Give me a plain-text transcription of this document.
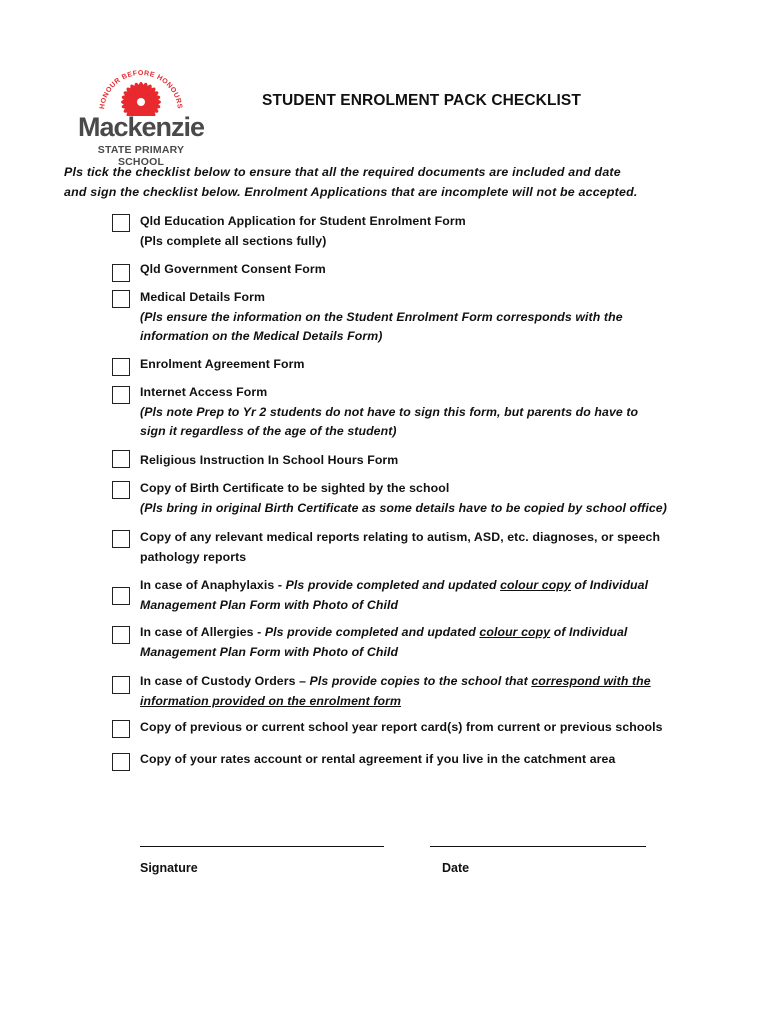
HONOUR BEFORE HONOURS
Mackenzie
STATE PRIMARY SCHOOL
STUDENT ENROLMENT PACK CHECKLIST
Pls tick the checklist below to ensure that all the required documents are included and date
and sign the checklist below. Enrolment Applications that are incomplete will not be accepted.
Qld Education Application for Student Enrolment Form
(Pls complete all sections fully)
Qld Government Consent Form
Medical Details Form
(Pls ensure the information on the Student Enrolment Form corresponds with the
information on the Medical Details Form)
Enrolment Agreement Form
Internet Access Form
(Pls note Prep to Yr 2 students do not have to sign this form, but parents do have to
sign it regardless of the age of the student)
Religious Instruction In School Hours Form
Copy of Birth Certificate to be sighted by the school
(Pls bring in original Birth Certificate as some details have to be copied by school office)
Copy of any relevant medical reports relating to autism, ASD, etc. diagnoses, or speech
pathology reports
In case of Anaphylaxis - Pls provide completed and updated colour copy of Individual
Management Plan Form with Photo of Child
In case of Allergies - Pls provide completed and updated colour copy of Individual
Management Plan Form with Photo of Child
In case of Custody Orders – Pls provide copies to the school that correspond with the
information provided on the enrolment form
Copy of previous or current school year report card(s) from current or previous schools
Copy of your rates account or rental agreement if you live in the catchment area
Signature	Date
